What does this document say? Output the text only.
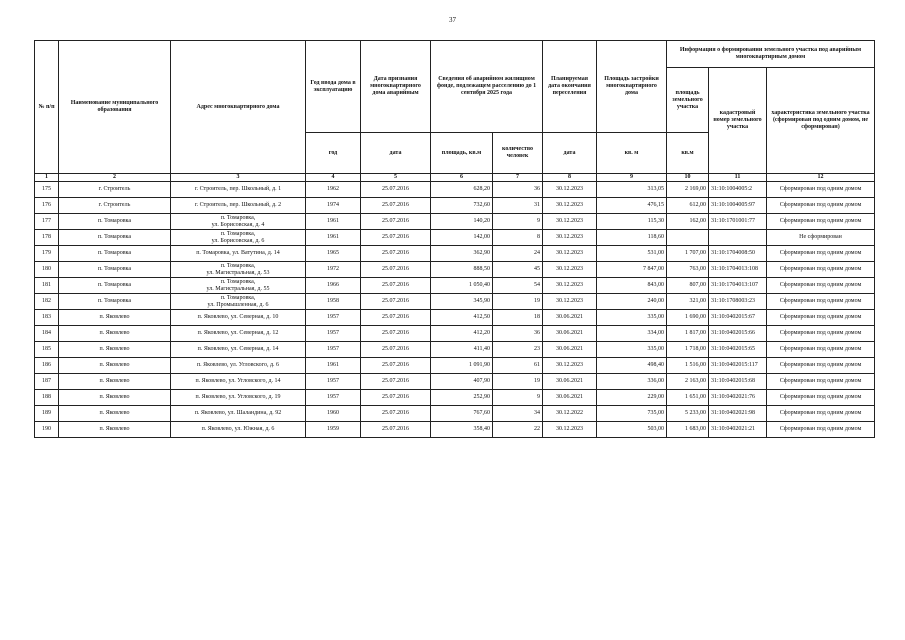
37
№ п/п	Наименование муниципального образования	Адрес многоквартирного дома	Год ввода дома в эксплуатацию	Дата признания многоквартирного дома аварийным	Сведения об аварийном жилищном фонде, подлежащем расселению до 1 сентября 2025 года		Планируемая дата окончания переселения	Площадь застройки многоквартирного дома	Информация о формировании земельного участка под аварийным многоквартирным домом		
									площадь земельного участка	кадастровый номер земельного участка	характеристика земельного участка (сформирован под одним домом, не сформирован)
			год	дата	площадь, кв.м	количество человек	дата	кв. м	кв.м		
1	2	3	4	5	6	7	8	9	10	11	12
175	г. Строитель	г. Строитель, пер. Школьный, д. 1	1962	25.07.2016	628,20	36	30.12.2023	313,05	2 169,00	31:10:1004005:2	Сформирован под одним домом
176	г. Строитель	г. Строитель, пер. Школьный, д. 2	1974	25.07.2016	732,60	31	30.12.2023	476,15	612,00	31:10:1004005:97	Сформирован под одним домом
177	п. Томаровка	п. Томаровка,
ул. Борисовская, д. 4	1961	25.07.2016	140,20	9	30.12.2023	115,30	162,00	31:10:1701001:77	Сформирован под одним домом
178	п. Томаровка	п. Томаровка,
ул. Борисовская, д. 6	1961	25.07.2016	142,00	8	30.12.2023	118,60			Не сформирован
179	п. Томаровка	п. Томаровка, ул. Ватутина, д. 14	1965	25.07.2016	362,90	24	30.12.2023	531,00	1 707,00	31:10:1704008:50	Сформирован под одним домом
180	п. Томаровка	п. Томаровка,
ул. Магистральная, д. 53	1972	25.07.2016	888,50	45	30.12.2023	7 847,00	763,00	31:10:1704013:108	Сформирован под одним домом
181	п. Томаровка	п. Томаровка,
ул. Магистральная, д. 55	1966	25.07.2016	1 050,40	54	30.12.2023	843,00	807,00	31:10:1704013:107	Сформирован под одним домом
182	п. Томаровка	п. Томаровка,
ул. Промышленная, д. 6	1958	25.07.2016	345,90	19	30.12.2023	240,00	321,00	31:10:1708003:23	Сформирован под одним домом
183	п. Яковлево	п. Яковлево, ул. Северная, д. 10	1957	25.07.2016	412,50	18	30.06.2021	335,00	1 690,00	31:10:0402015:67	Сформирован под одним домом
184	п. Яковлево	п. Яковлево, ул. Северная, д. 12	1957	25.07.2016	412,20	36	30.06.2021	334,00	1 817,00	31:10:0402015:66	Сформирован под одним домом
185	п. Яковлево	п. Яковлево, ул. Северная, д. 14	1957	25.07.2016	411,40	23	30.06.2021	335,00	1 718,00	31:10:0402015:65	Сформирован под одним домом
186	п. Яковлево	п. Яковлево, ул. Угловского, д. 6	1961	25.07.2016	1 091,90	61	30.12.2023	498,40	1 516,00	31:10:0402015:117	Сформирован под одним домом
187	п. Яковлево	п. Яковлево, ул. Угловского, д. 14	1957	25.07.2016	407,90	19	30.06.2021	336,00	2 163,00	31:10:0402015:68	Сформирован под одним домом
188	п. Яковлево	п. Яковлево, ул. Угловского, д. 19	1957	25.07.2016	252,90	9	30.06.2021	229,00	1 651,00	31:10:0402021:76	Сформирован под одним домом
189	п. Яковлево	п. Яковлево, ул. Шаландина, д. 92	1960	25.07.2016	767,60	34	30.12.2022	735,00	5 233,00	31:10:0402021:98	Сформирован под одним домом
190	п. Яковлево	п. Яковлево, ул. Южная, д. 6	1959	25.07.2016	358,40	22	30.12.2023	503,00	1 683,00	31:10:0402021:21	Сформирован под одним домом
